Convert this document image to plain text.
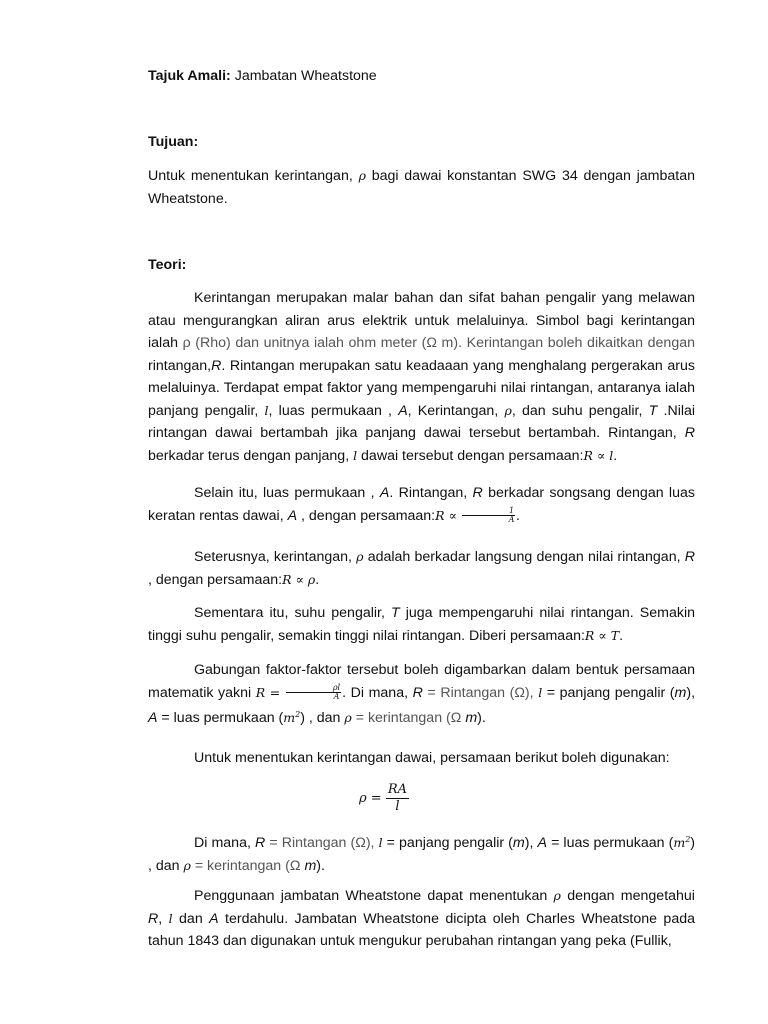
Tajuk Amali: Jambatan Wheatstone
Tujuan:
Untuk menentukan kerintangan, ρ bagi dawai konstantan SWG 34 dengan jambatan Wheatstone.
Teori:
Kerintangan merupakan malar bahan dan sifat bahan pengalir yang melawan atau mengurangkan aliran arus elektrik untuk melaluinya. Simbol bagi kerintangan ialah ρ (Rho) dan unitnya ialah ohm meter (Ω m). Kerintangan boleh dikaitkan dengan rintangan,R. Rintangan merupakan satu keadaaan yang menghalang pergerakan arus melaluinya. Terdapat empat faktor yang mempengaruhi nilai rintangan, antaranya ialah panjang pengalir, l, luas permukaan , A, Kerintangan, ρ, dan suhu pengalir, T .Nilai rintangan dawai bertambah jika panjang dawai tersebut bertambah. Rintangan, R berkadar terus dengan panjang, l dawai tersebut dengan persamaan:R ∝ l.
Selain itu, luas permukaan , A. Rintangan, R berkadar songsang dengan luas keratan rentas dawai, A , dengan persamaan:R ∝ $\frac{1}{A}$ .
Seterusnya, kerintangan, ρ adalah berkadar langsung dengan nilai rintangan, R , dengan persamaan:R ∝ ρ.
Sementara itu, suhu pengalir, T juga mempengaruhi nilai rintangan. Semakin tinggi suhu pengalir, semakin tinggi nilai rintangan. Diberi persamaan:R ∝ T.
Gabungan faktor-faktor tersebut boleh digambarkan dalam bentuk persamaan matematik yakni $R = \frac{\rho l}{A}$ . Di mana, R = Rintangan (Ω), l = panjang pengalir (m), A = luas permukaan $(m^2)$ , dan ρ = kerintangan (Ω m).
Untuk menentukan kerintangan dawai, persamaan berikut boleh digunakan:
$\rho = \frac{RA}{l}$
Di mana, R = Rintangan (Ω), l = panjang pengalir (m), A = luas permukaan $(m^2)$ , dan ρ = kerintangan (Ω m).
Penggunaan jambatan Wheatstone dapat menentukan ρ dengan mengetahui R, l dan A terdahulu. Jambatan Wheatstone dicipta oleh Charles Wheatstone pada tahun 1843 dan digunakan untuk mengukur perubahan rintangan yang peka (Fullik,
